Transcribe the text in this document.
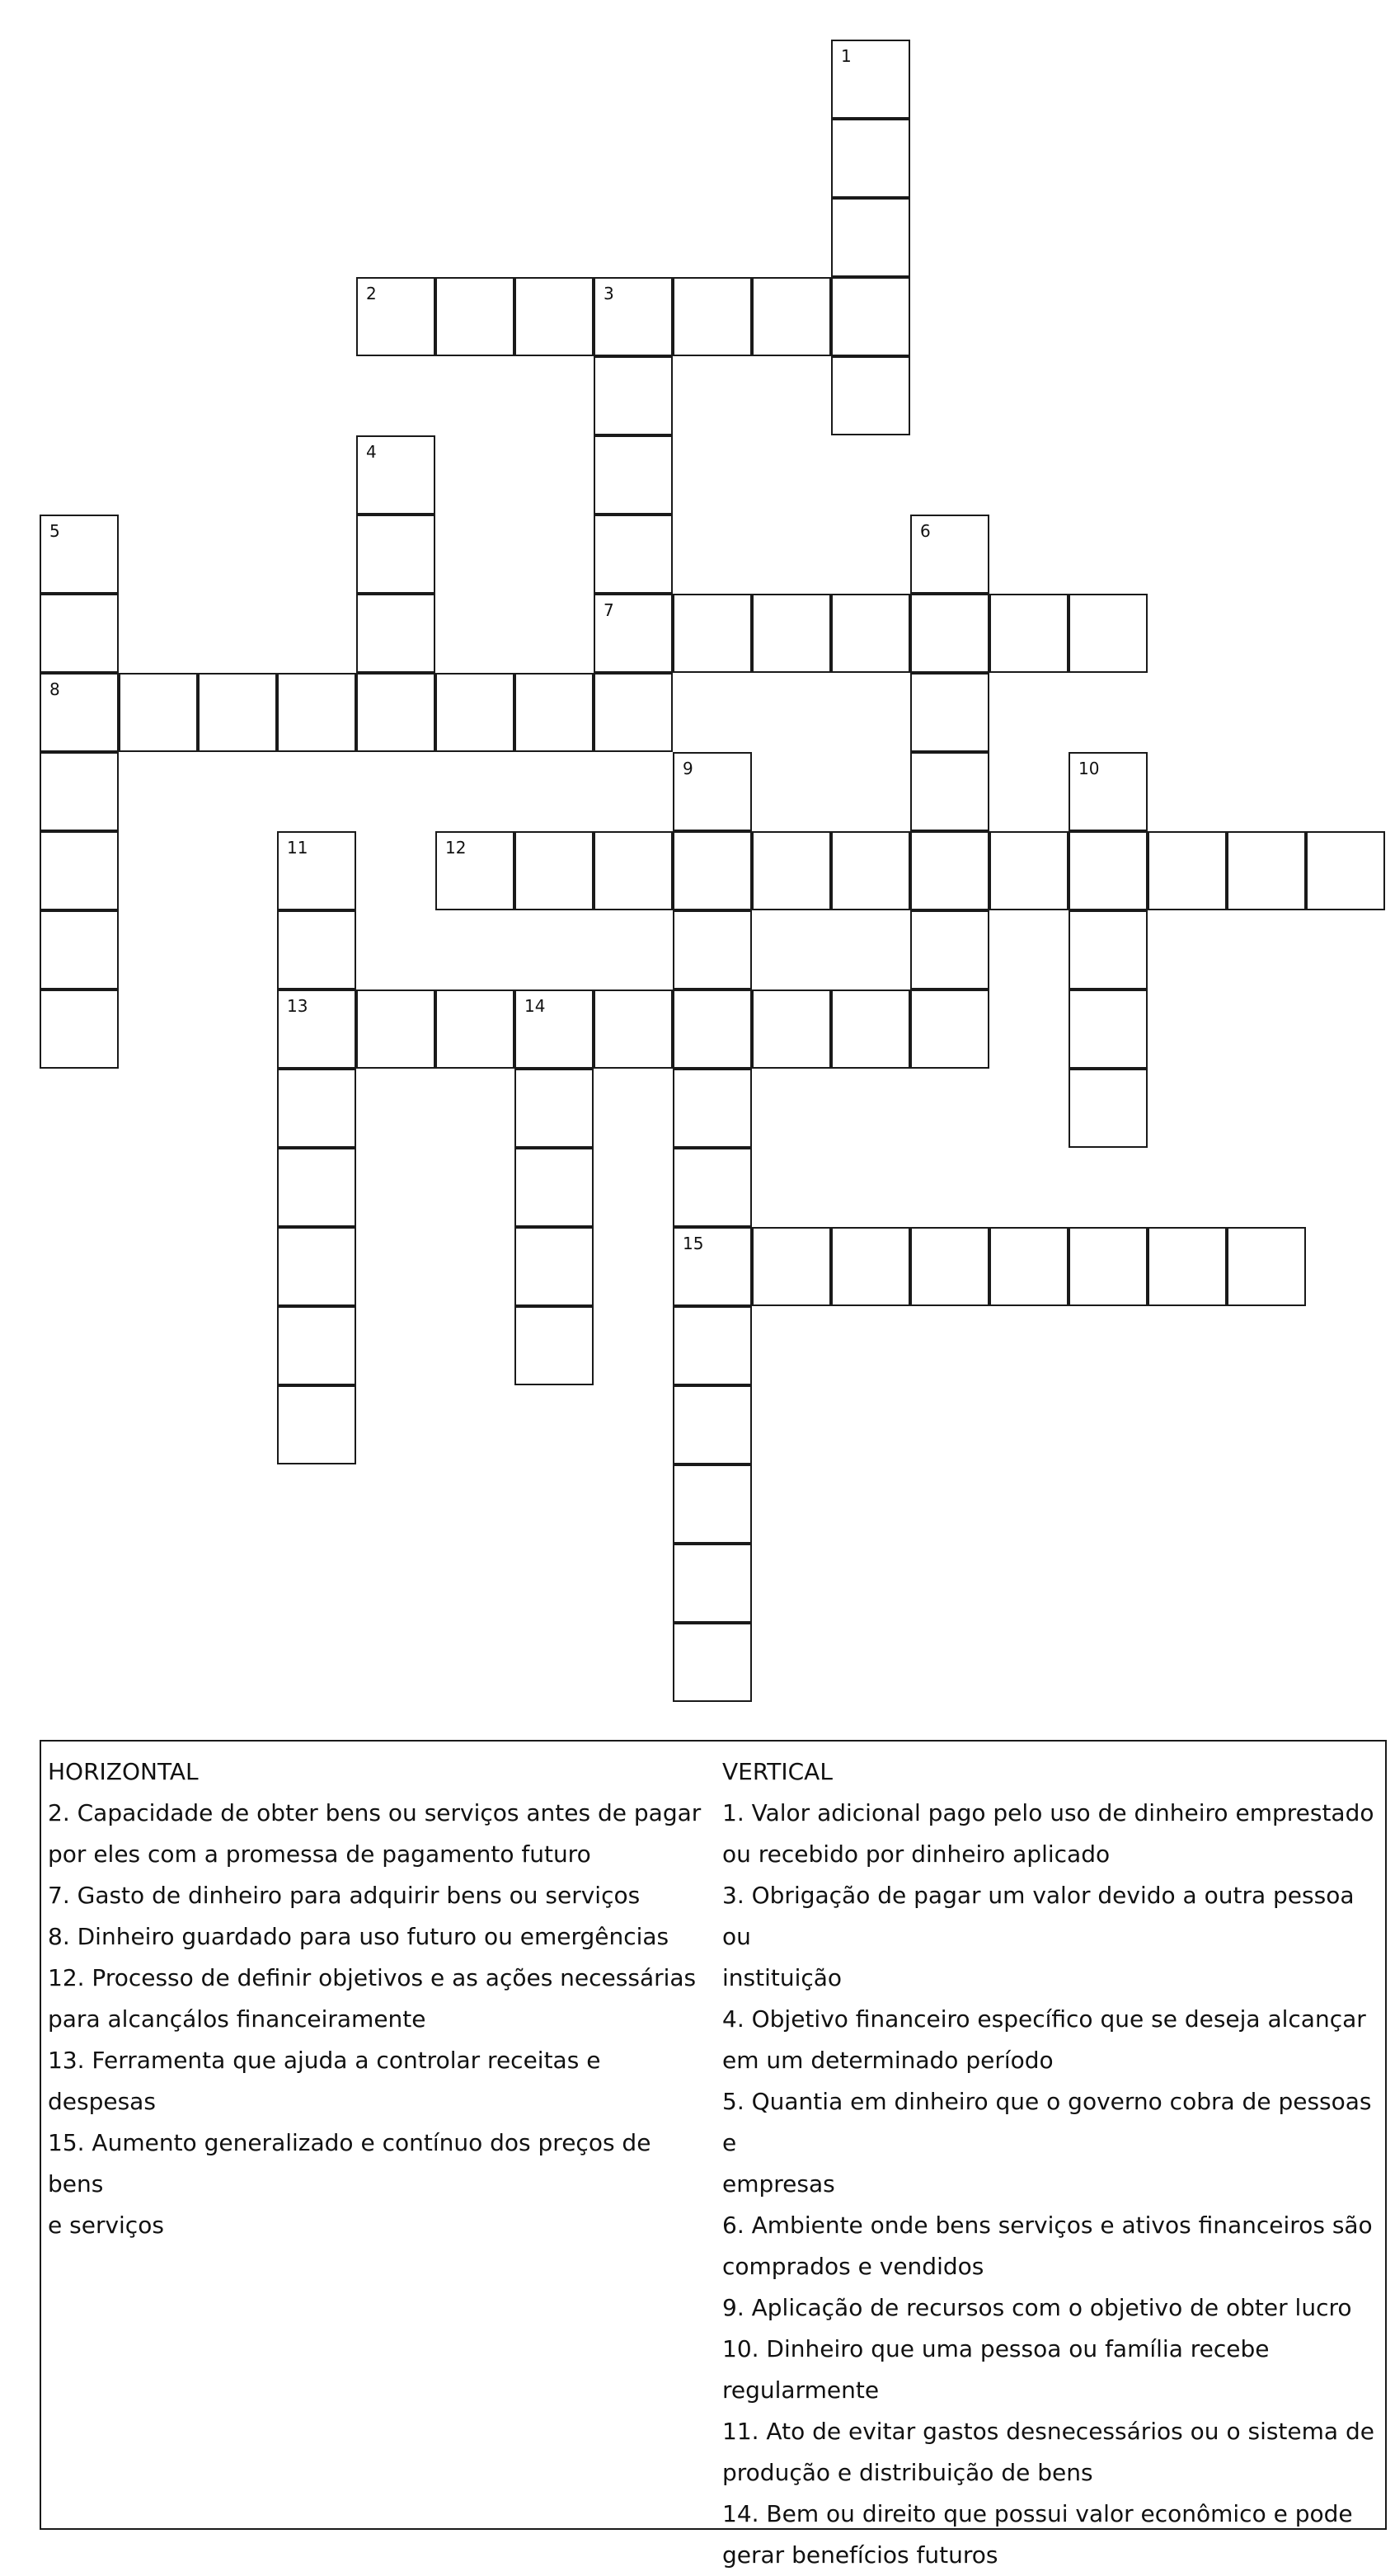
1
2	3
7
4
5
8
6
9
15
10
11
13
12
14
HORIZONTAL
2. Capacidade de obter bens ou serviços antes de pagar
por eles com a promessa de pagamento futuro
7. Gasto de dinheiro para adquirir bens ou serviços
8. Dinheiro guardado para uso futuro ou emergências
12. Processo de definir objetivos e as ações necessárias
para alcançálos financeiramente
13. Ferramenta que ajuda a controlar receitas e despesas
15. Aumento generalizado e contínuo dos preços de bens
e serviços
VERTICAL
1. Valor adicional pago pelo uso de dinheiro emprestado
ou recebido por dinheiro aplicado
3. Obrigação de pagar um valor devido a outra pessoa ou
instituição
4. Objetivo financeiro específico que se deseja alcançar
em um determinado período
5. Quantia em dinheiro que o governo cobra de pessoas e
empresas
6. Ambiente onde bens serviços e ativos financeiros são
comprados e vendidos
9. Aplicação de recursos com o objetivo de obter lucro
10. Dinheiro que uma pessoa ou família recebe
regularmente
11. Ato de evitar gastos desnecessários ou o sistema de
produção e distribuição de bens
14. Bem ou direito que possui valor econômico e pode
gerar benefícios futuros
